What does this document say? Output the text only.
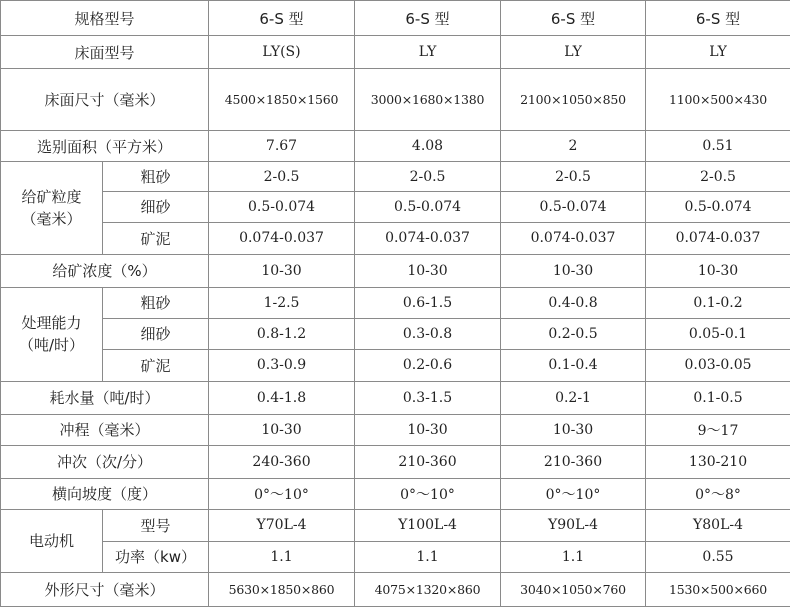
规格型号		6-S 型	6-S 型	6-S 型	6-S 型
床面型号		LY(S)	LY	LY	LY
床面尺寸（毫米）		4500×1850×1560	3000×1680×1380	2100×1050×850	1100×500×430
选别面积（平方米）		7.67	4.08	2	0.51

给矿粒度
（毫米）	粗砂	2-0.5	2-0.5	2-0.5	2-0.5
	细砂	0.5-0.074	0.5-0.074	0.5-0.074	0.5-0.074
	矿泥	0.074-0.037	0.074-0.037	0.074-0.037	0.074-0.037
给矿浓度（%）		10-30	10-30	10-30	10-30

处理能力
（吨/时）	粗砂	1-2.5	0.6-1.5	0.4-0.8	0.1-0.2
	细砂	0.8-1.2	0.3-0.8	0.2-0.5	0.05-0.1
	矿泥	0.3-0.9	0.2-0.6	0.1-0.4	0.03-0.05
耗水量（吨/时）		0.4-1.8	0.3-1.5	0.2-1	0.1-0.5
冲程（毫米）		10-30	10-30	10-30	9～17
冲次（次/分）		240-360	210-360	210-360	130-210
横向坡度（度）		0°～10°	0°～10°	0°～10°	0°～8°
电动机	型号	Y70L-4	Y100L-4	Y90L-4	Y80L-4
	功率（kw）	1.1	1.1	1.1	0.55
外形尺寸（毫米）		5630×1850×860	4075×1320×860	3040×1050×760	1530×500×660
